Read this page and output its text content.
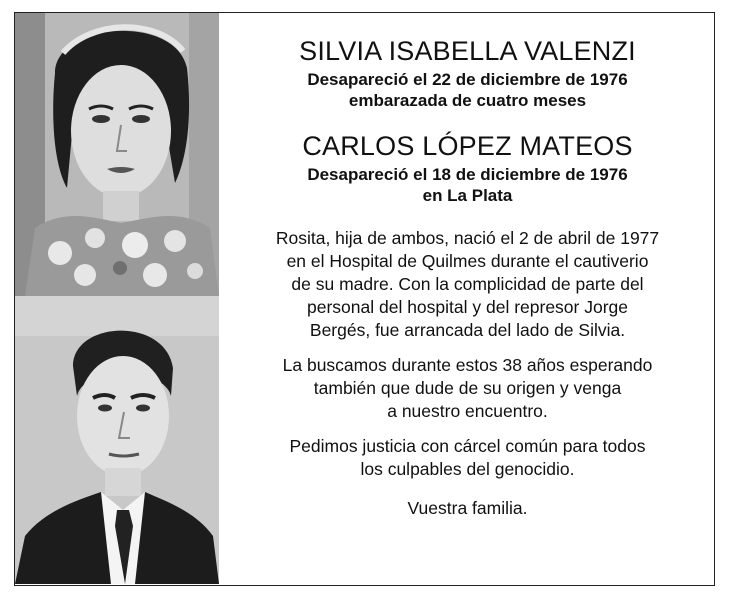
SILVIA ISABELLA VALENZI

Desapareció el 22 de diciembre de 1976

embarazada de cuatro meses

CARLOS LÓPEZ MATEOS

Desapareció el 18 de diciembre de 1976

en La Plata

Rosita, hija de ambos, nació el 2 de abril de 1977

en el Hospital de Quilmes durante el cautiverio

de su madre. Con la complicidad de parte del

personal del hospital y del represor Jorge

Bergés, fue arrancada del lado de Silvia.

La buscamos durante estos 38 años esperando

también que dude de su origen y venga

a nuestro encuentro.

Pedimos justicia con cárcel común para todos

los culpables del genocidio.

Vuestra familia.
